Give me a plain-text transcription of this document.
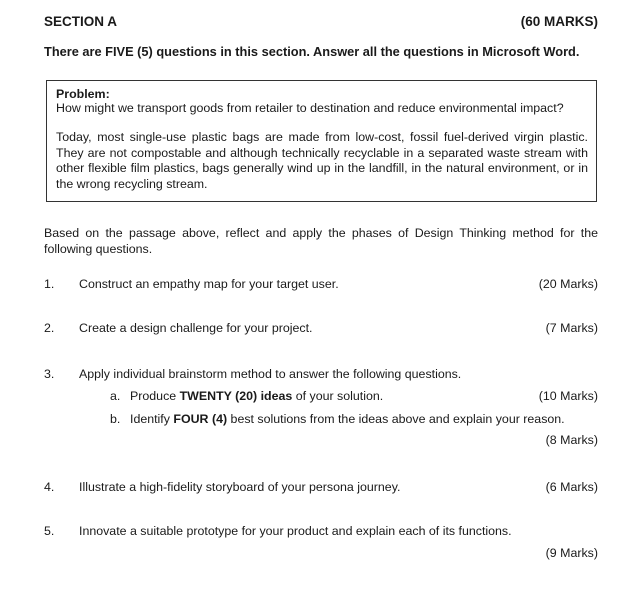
SECTION A	(60 MARKS)
There are FIVE (5) questions in this section. Answer all the questions in Microsoft Word.
Problem:
How might we transport goods from retailer to destination and reduce environmental impact?
Today, most single-use plastic bags are made from low-cost, fossil fuel-derived virgin plastic. They are not compostable and although technically recyclable in a separated waste stream with other flexible film plastics, bags generally wind up in the landfill, in the natural environment, or in the wrong recycling stream.
Based on the passage above, reflect and apply the phases of Design Thinking method for the following questions.
1. Construct an empathy map for your target user.	(20 Marks)
2. Create a design challenge for your project.	(7 Marks)
3. Apply individual brainstorm method to answer the following questions.
a. Produce TWENTY (20) ideas of your solution.	(10 Marks)
b. Identify FOUR (4) best solutions from the ideas above and explain your reason.
(8 Marks)
4. Illustrate a high-fidelity storyboard of your persona journey.	(6 Marks)
5. Innovate a suitable prototype for your product and explain each of its functions.
(9 Marks)
